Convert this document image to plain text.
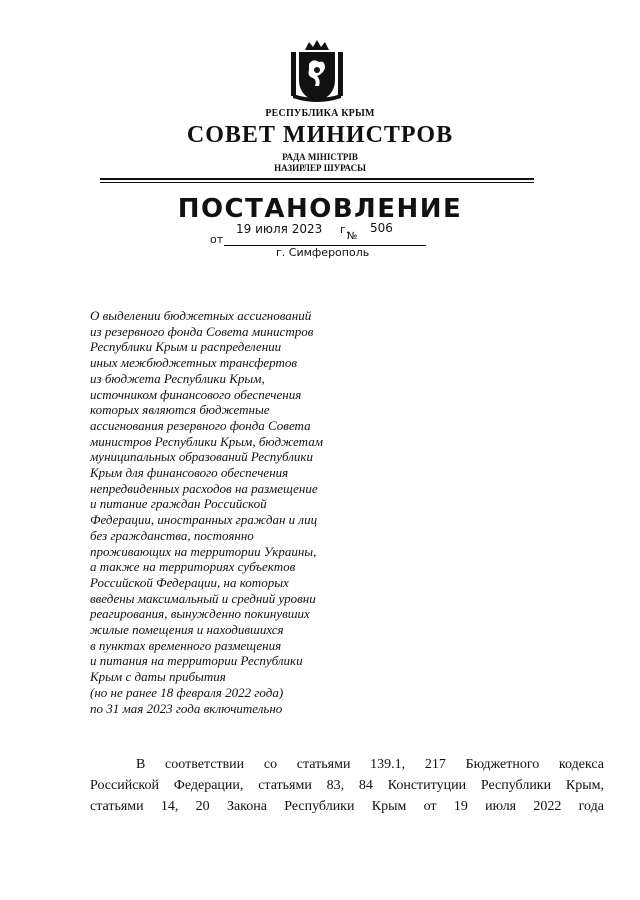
РЕСПУБЛИКА КРЫМ
СОВЕТ МИНИСТРОВ
РАДА МІНІСТРІВ
НАЗИРЛЕР ШУРАСЫ
ПОСТАНОВЛЕНИЕ
от
19 июля 2023 г.
№
506
г. Симферополь
О выделении бюджетных ассигнований
из резервного фонда Совета министров
Республики Крым и распределении
иных межбюджетных трансфертов
из бюджета Республики Крым,
источником финансового обеспечения
которых являются бюджетные
ассигнования резервного фонда Совета
министров Республики Крым, бюджетам
муниципальных образований Республики
Крым для финансового обеспечения
непредвиденных расходов на размещение
и питание граждан Российской
Федерации, иностранных граждан и лиц
без гражданства, постоянно
проживающих на территории Украины,
а также на территориях субъектов
Российской Федерации, на которых
введены максимальный и средний уровни
реагирования, вынужденно покинувших
жилые помещения и находившихся
в пунктах временного размещения
и питания на территории Республики
Крым с даты прибытия
(но не ранее 18 февраля 2022 года)
по 31 мая 2023 года включительно
В соответствии со статьями 139.1, 217 Бюджетного кодекса
Российской Федерации, статьями 83, 84 Конституции Республики Крым,
статьями 14, 20 Закона Республики Крым от 19 июля 2022 года
